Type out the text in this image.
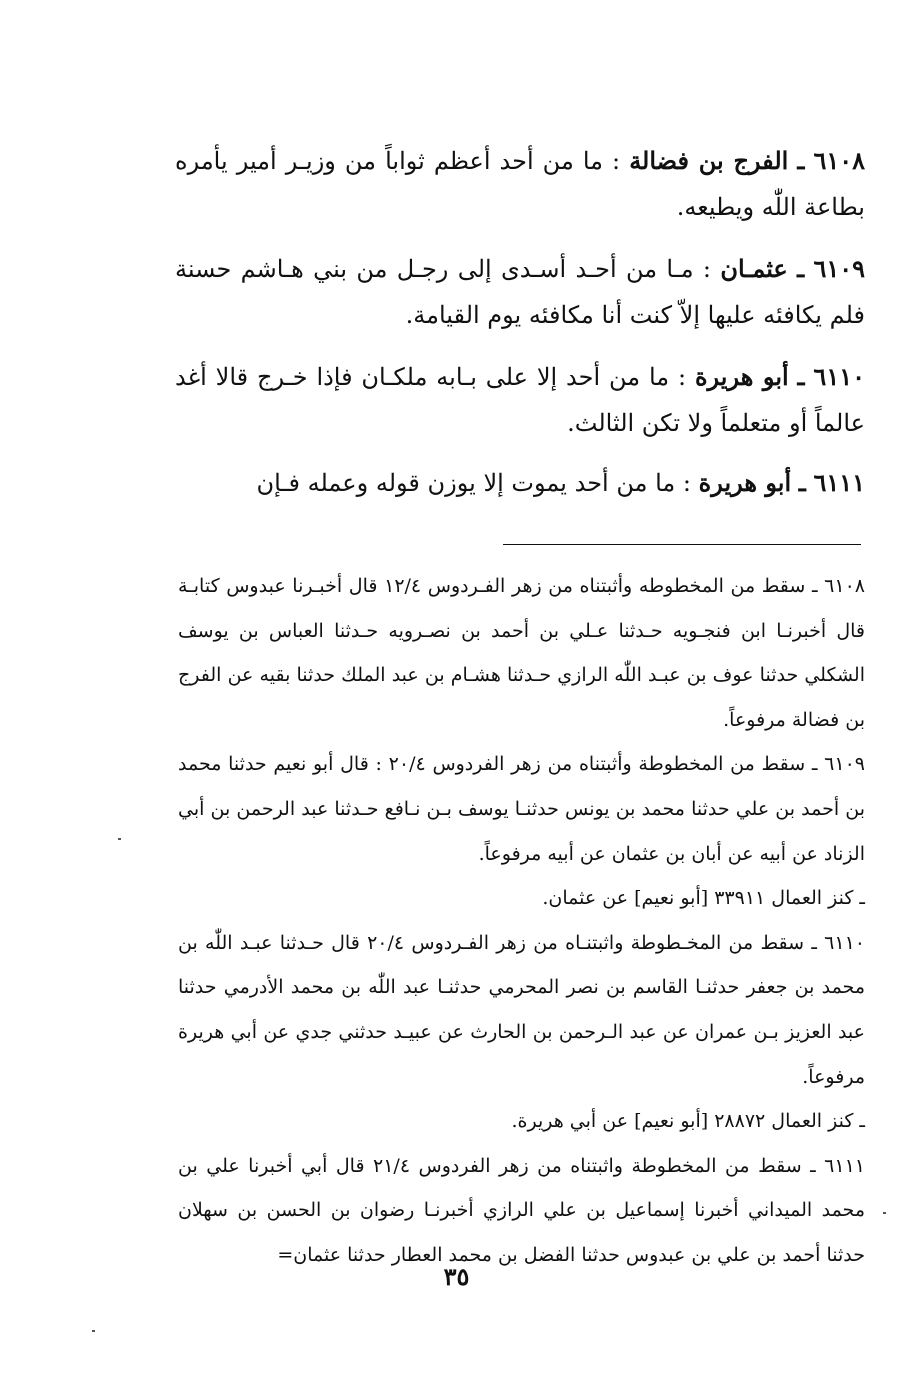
٦١٠٨ ـ الفرج بن فضالة : ما من أحد أعظم ثواباً من وزيـر أمير يأمره بطاعة اللّٰه ويطيعه.
٦١٠٩ ـ عثمـان : مـا من أحـد أسـدى إلى رجـل من بني هـاشم حسنة فلم يكافئه عليها إلاّ كنت أنا مكافئه يوم القيامة.
٦١١٠ ـ أبو هريرة : ما من أحد إلا على بـابه ملكـان فإذا خـرج قالا أغد عالماً أو متعلماً ولا تكن الثالث.
٦١١١ ـ أبو هريرة : ما من أحد يموت إلا يوزن قوله وعمله فـإن

٦١٠٨ ـ سقط من المخطوطه وأثبتناه من زهر الفـردوس ١٢/٤ قال أخبـرنا عبدوس كتابـة قال أخبرنـا ابن فنجـويه حـدثنا عـلي بن أحمد بن نصـرويه حـدثنا العباس بن يوسف الشكلي حدثنا عوف بن عبـد اللّٰه الرازي حـدثنا هشـام بن عبد الملك حدثنا بقيه عن الفرج بن فضالة مرفوعاً.

٦١٠٩ ـ سقط من المخطوطة وأثبتناه من زهر الفردوس ٢٠/٤ : قال أبو نعيم حدثنا محمد بن أحمد بن علي حدثنا محمد بن يونس حدثنـا يوسف بـن نـافع حـدثنا عبد الرحمن بن أبي الزناد عن أبيه عن أبان بن عثمان عن أبيه مرفوعاً.

ـ كنز العمال ٣٣٩١١ [أبو نعيم] عن عثمان.

٦١١٠ ـ سقط من المخـطوطة واثبتنـاه من زهر الفـردوس ٢٠/٤ قال حـدثنا عبـد اللّٰه بن محمد بن جعفر حدثنـا القاسم بن نصر المحرمي حدثنـا عبد اللّٰه بن محمد الأدرمي حدثنا عبد العزيز بـن عمران عن عبد الـرحمن بن الحارث عن عبيـد حدثني جدي عن أبي هريرة مرفوعاً.

ـ كنز العمال ٢٨٨٧٢ [أبو نعيم] عن أبي هريرة.

٦١١١ ـ سقط من المخطوطة واثبتناه من زهر الفردوس ٢١/٤ قال أبي أخبرنا علي بن محمد الميداني أخبرنا إسماعيل بن علي الرازي أخبرنـا رضوان بن الحسن بن سهلان حدثنا أحمد بن علي بن عبدوس حدثنا الفضل بن محمد العطار حدثنا عثمان=

٣٥
